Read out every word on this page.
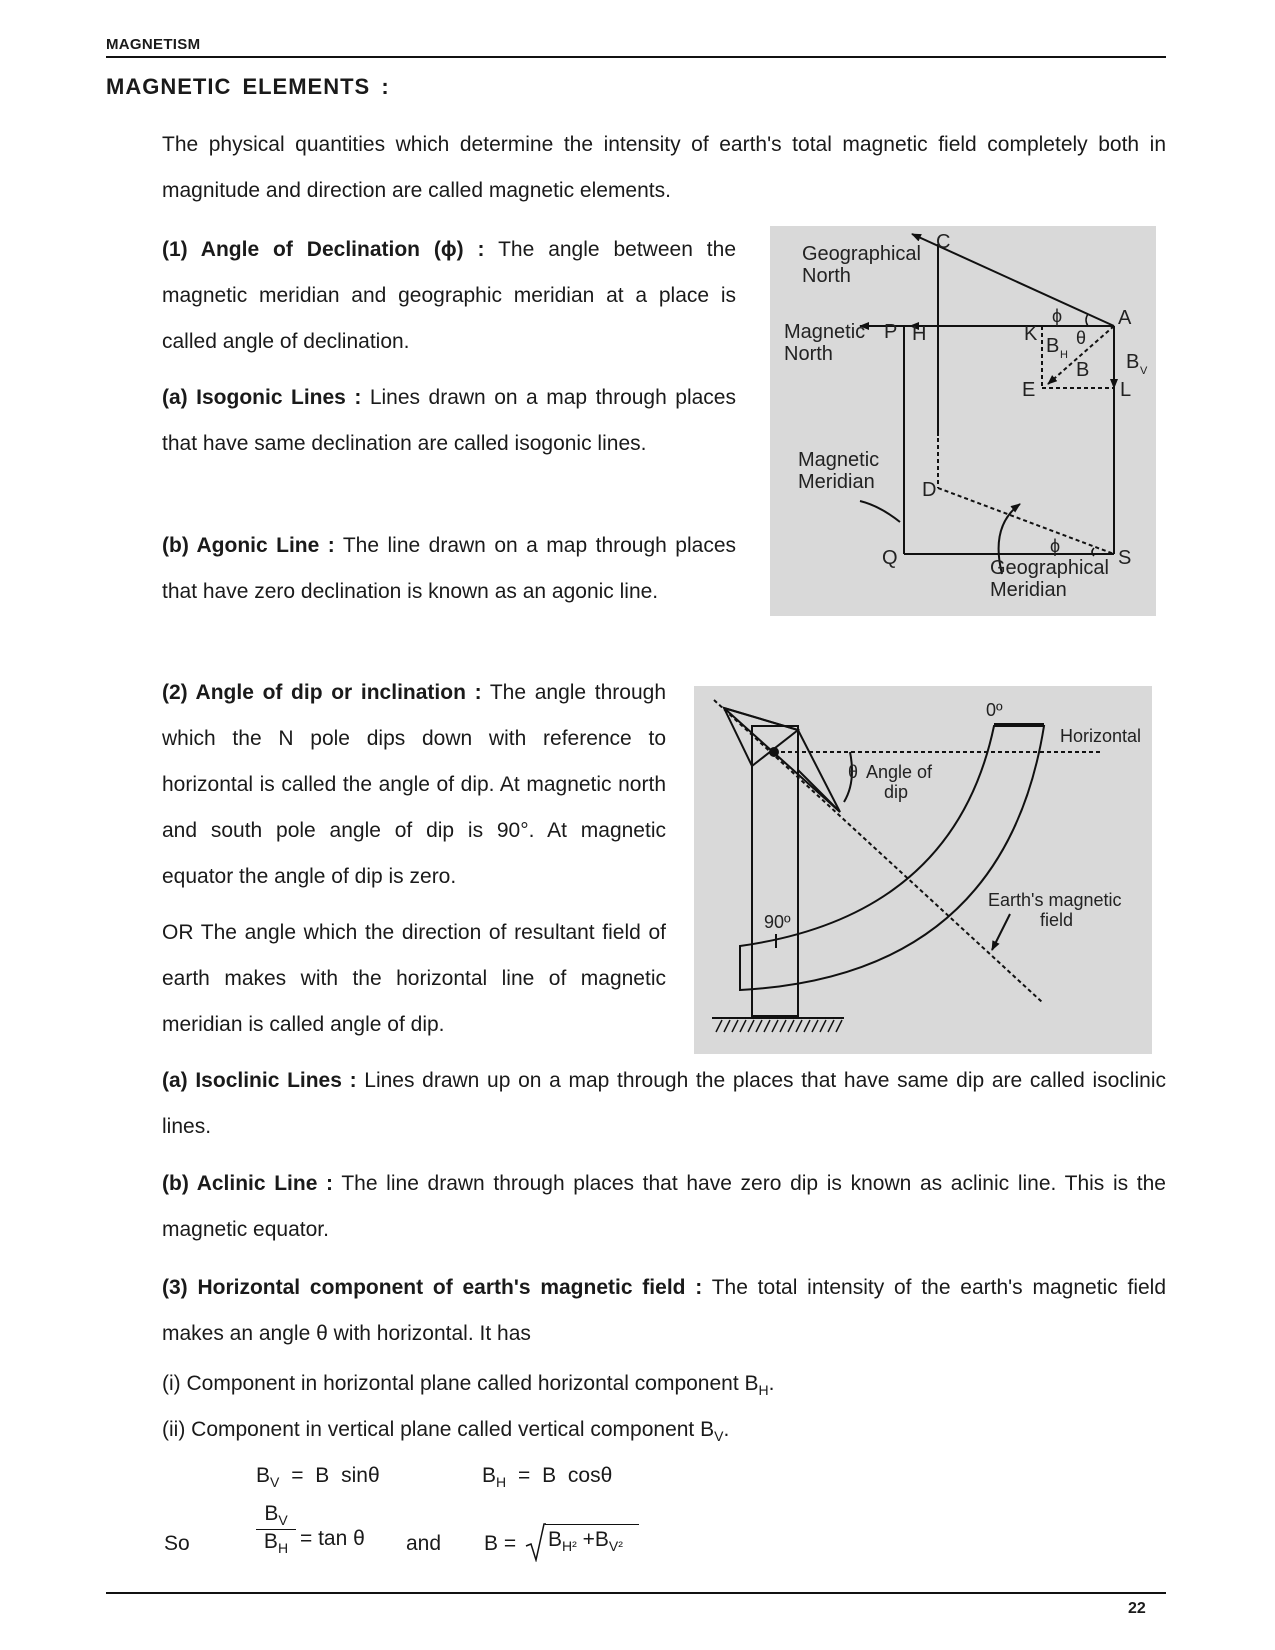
MAGNETISM
MAGNETIC ELEMENTS :

The physical quantities which determine the intensity of earth's total magnetic field completely both in magnitude and direction are called magnetic elements.

(1) Angle of Declination (ϕ) : The angle between the magnetic meridian and geographic meridian at a place is called angle of declination.

(a) Isogonic Lines : Lines drawn on a map through places that have same declination are called isogonic lines.

(b) Agonic Line : The line drawn on a map through places that have zero declination is known as an agonic line.

Geographical
North
Magnetic
North
Magnetic
Meridian
Geographical
Meridian
C
A
P H	K
E	L
D
Q	S
B H
B B V
ϕ
θ
ϕ

(2) Angle of dip or inclination : The angle through which the N pole dips down with reference to horizontal is called the angle of dip. At magnetic north and south pole angle of dip is 90°. At magnetic equator the angle of dip is zero.

OR The angle which the direction of resultant field of earth makes with the horizontal line of magnetic meridian is called angle of dip.

0º
Horizontal
θ Angle of
dip
90º
Earth's magnetic
field

(a) Isoclinic Lines : Lines drawn up on a map through the places that have same dip are called isoclinic lines.

(b) Aclinic Line : The line drawn through places that have zero dip is known as aclinic line. This is the magnetic equator.

(3) Horizontal component of earth's magnetic field : The total intensity of the earth's magnetic field makes an angle θ with horizontal. It has

(i) Component in horizontal plane called horizontal component $B_H$.
(ii) Component in vertical plane called vertical component $B_V$.
$B_V = B$ sinθ	$B_H = B$ cosθ
So	$\frac{B_V}{B_H} = \tan \theta$ and $B = B_{H^2} +B_{V^2}$
22
